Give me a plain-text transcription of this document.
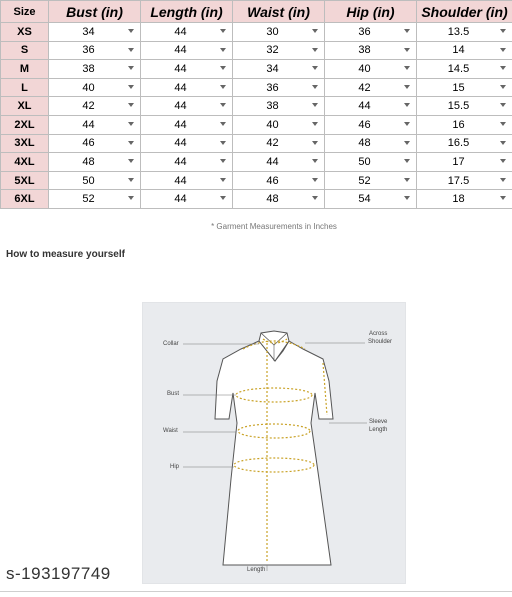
Size	Bust (in)	Length (in)	Waist (in)	Hip (in)	Shoulder (in)
XS	34	44	30	36	13.5

S	36	44	32	38	14

M	38	44	34	40	14.5

L	40	44	36	42	15

XL	42	44	38	44	15.5

2XL	44	44	40	46	16

3XL	46	44	42	48	16.5

4XL	48	44	44	50	17

5XL	50	44	46	52	17.5

6XL	52	44	48	54	18
* Garment Measurements in Inches
How to measure yourself
Collar
Bust
Waist
Hip
Across
Shoulder
Sleeve
Length
Length
s-193197749
